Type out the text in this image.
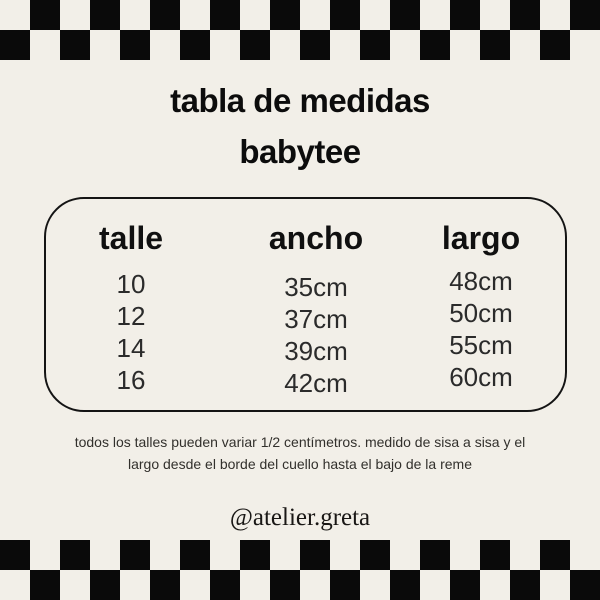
tabla de medidas
babytee
talle	ancho	largo
10	35cm	48cm
12	37cm	50cm
14	39cm	55cm
16	42cm	60cm
todos los talles pueden variar 1/2 centímetros. medido de sisa a sisa y el
largo desde el borde del cuello hasta el bajo de la reme
@atelier.greta
